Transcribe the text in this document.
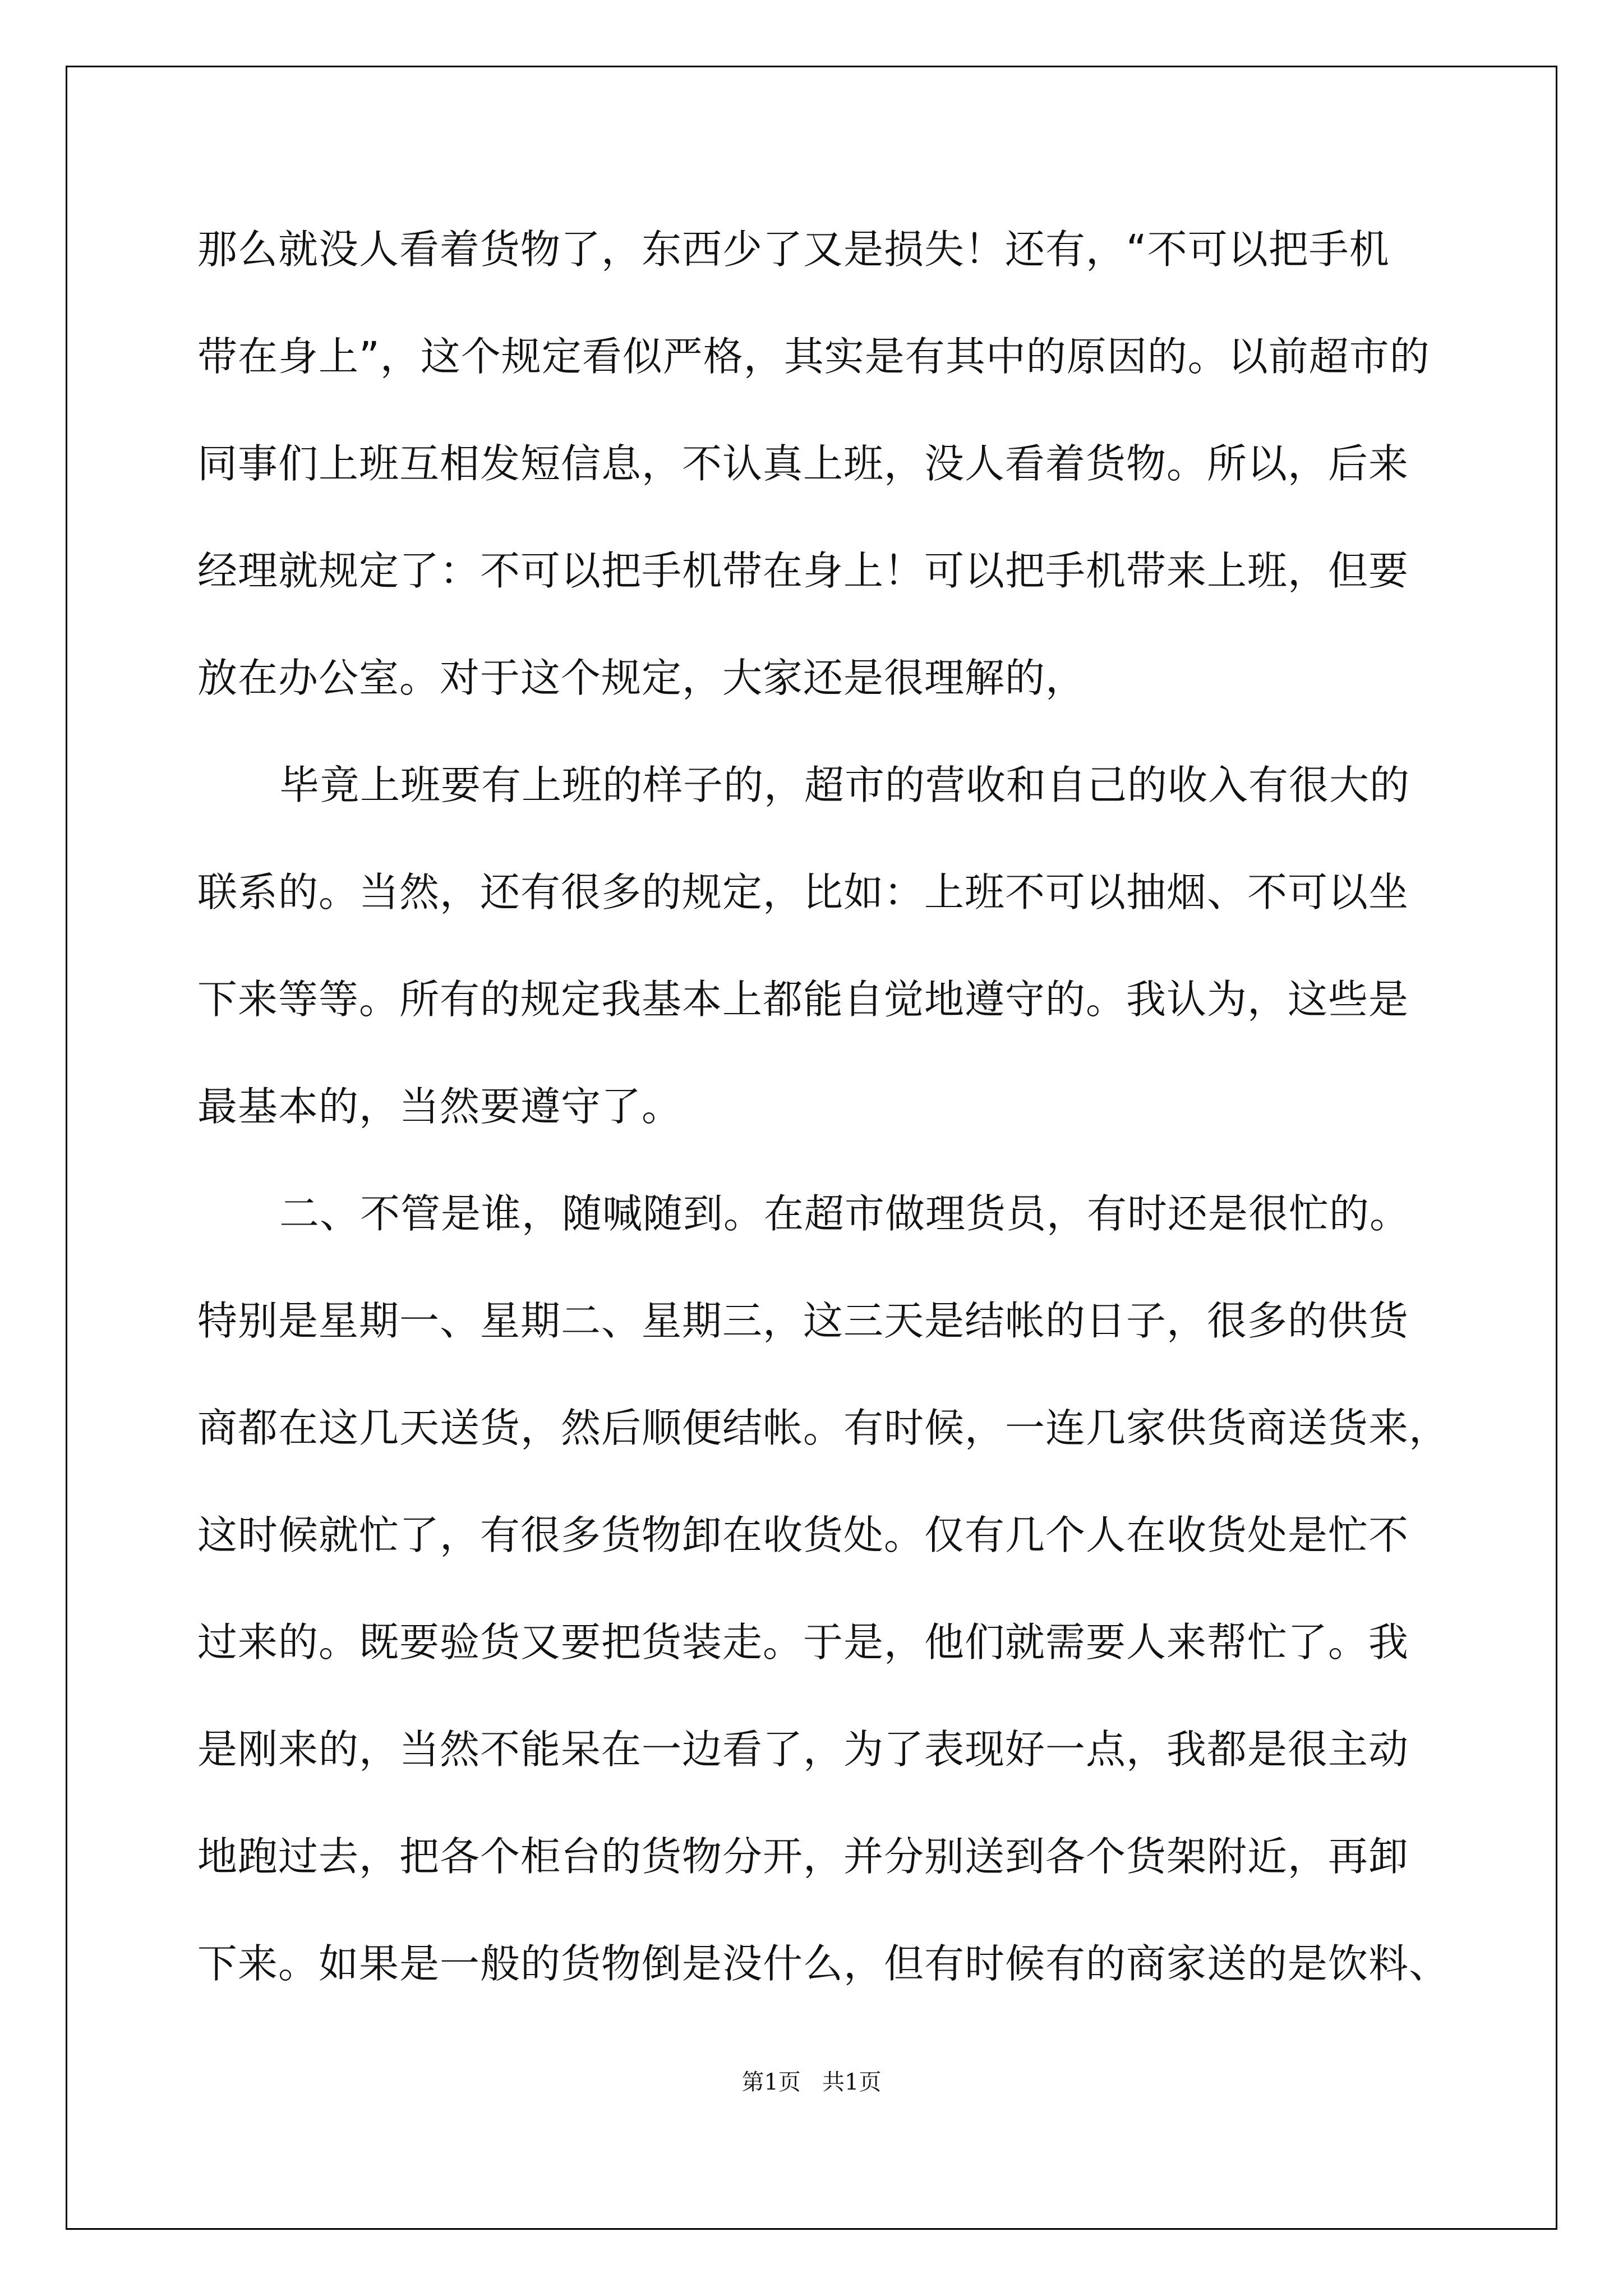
那么就没人看着货物了，东西少了又是损失！还有，“不可以把手机
带在身上”，这个规定看似严格，其实是有其中的原因的。以前超市的
同事们上班互相发短信息，不认真上班，没人看着货物。所以，后来
经理就规定了：不可以把手机带在身上！可以把手机带来上班，但要
放在办公室。对于这个规定，大家还是很理解的，
毕竟上班要有上班的样子的，超市的营收和自己的收入有很大的
联系的。当然，还有很多的规定，比如：上班不可以抽烟、不可以坐
下来等等。所有的规定我基本上都能自觉地遵守的。我认为，这些是
最基本的，当然要遵守了。
二、不管是谁，随喊随到。在超市做理货员，有时还是很忙的。
特别是星期一、星期二、星期三，这三天是结帐的日子，很多的供货
商都在这几天送货，然后顺便结帐。有时候，一连几家供货商送货来，
这时候就忙了，有很多货物卸在收货处。仅有几个人在收货处是忙不
过来的。既要验货又要把货装走。于是，他们就需要人来帮忙了。我
是刚来的，当然不能呆在一边看了，为了表现好一点，我都是很主动
地跑过去，把各个柜台的货物分开，并分别送到各个货架附近，再卸
下来。如果是一般的货物倒是没什么，但有时候有的商家送的是饮料、
第1页   共1页
